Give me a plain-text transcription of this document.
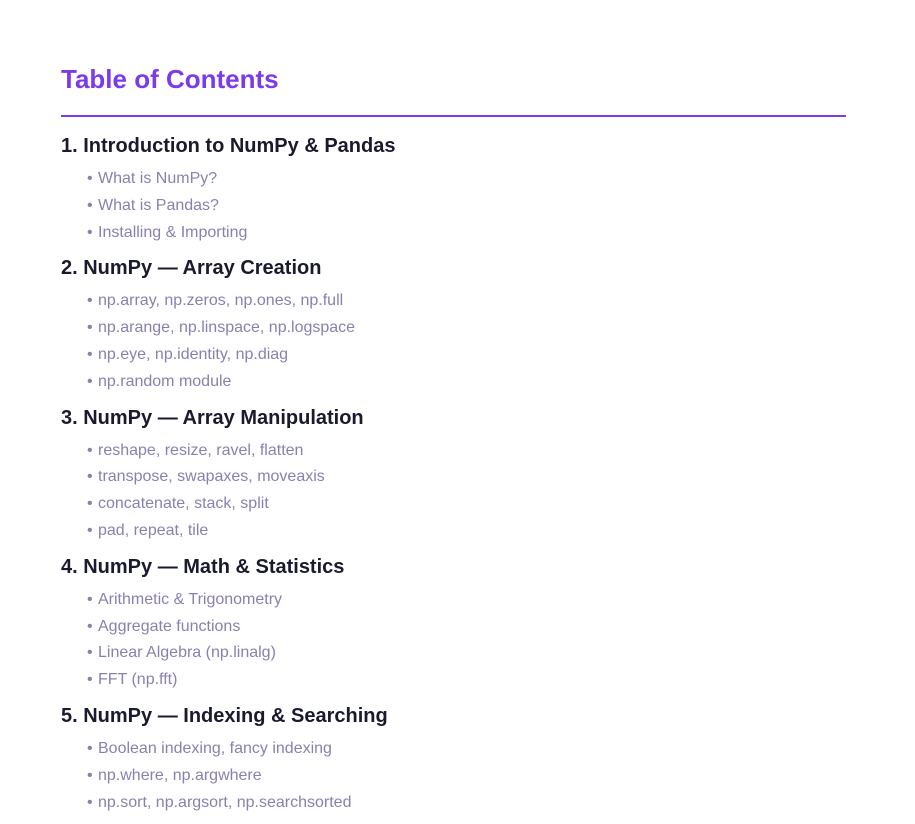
Table of Contents
1. Introduction to NumPy & Pandas
• What is NumPy?
• What is Pandas?
• Installing & Importing
2. NumPy — Array Creation
• np.array, np.zeros, np.ones, np.full
• np.arange, np.linspace, np.logspace
• np.eye, np.identity, np.diag
• np.random module
3. NumPy — Array Manipulation
• reshape, resize, ravel, flatten
• transpose, swapaxes, moveaxis
• concatenate, stack, split
• pad, repeat, tile
4. NumPy — Math & Statistics
• Arithmetic & Trigonometry
• Aggregate functions
• Linear Algebra (np.linalg)
• FFT (np.fft)
5. NumPy — Indexing & Searching
• Boolean indexing, fancy indexing
• np.where, np.argwhere
• np.sort, np.argsort, np.searchsorted
